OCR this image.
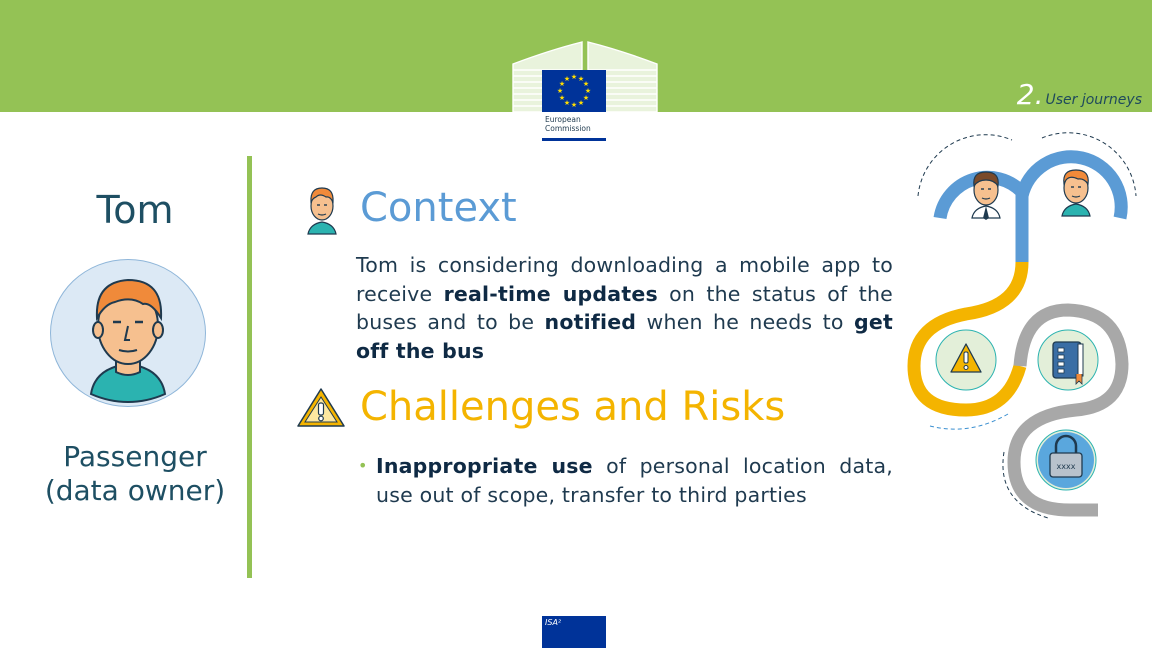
★ ★
★
★
★
★
★
★
★
★
★
★
European
Commission
2. User journeys
Tom
Passenger
(data owner)
Context
Tom is considering downloading a mobile app to receive real-time updates on the status of the buses and to be notified when he needs to get off the bus
Challenges and Risks
• Inappropriate use of personal location data, use out of scope, transfer to third parties
xxxx
ISA²
